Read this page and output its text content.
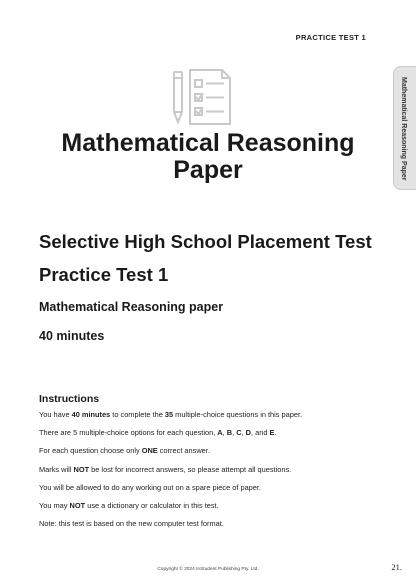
PRACTICE TEST 1
Mathematical Reasoning Paper
Mathematical Reasoning
Paper
Selective High School Placement Test
Practice Test 1
Mathematical Reasoning paper
40 minutes
Instructions
You have 40 minutes to complete the 35 multiple-choice questions in this paper.
There are 5 multiple-choice options for each question, A, B, C, D, and E.
For each question choose only ONE correct answer.
Marks will NOT be lost for incorrect answers, so please attempt all questions.
You will be allowed to do any working out on a spare piece of paper.
You may NOT use a dictionary or calculator in this test.
Note: this test is based on the new computer test format.
Copyright © 2024 InStudent Publishing Pty. Ltd.	21.
